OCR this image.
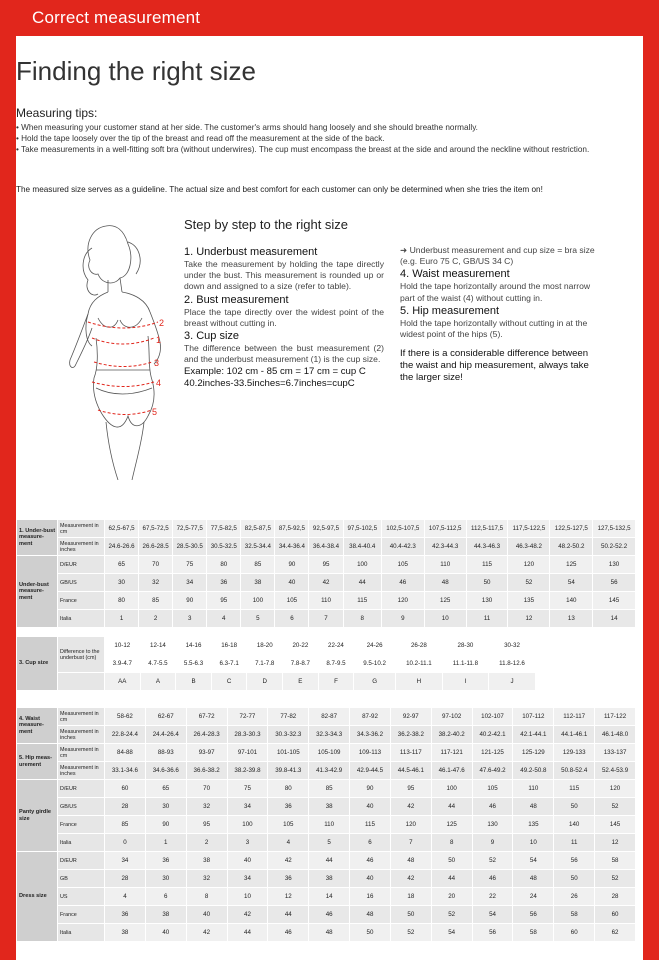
Correct measurement
Finding the right size
Measuring tips:
• When measuring your customer stand at her side. The customer's arms should hang loosely and she should breathe normally.
• Hold the tape loosely over the tip of the breast and read off the measurement at the side of the back.
• Take measurements in a well-fitting soft bra (without underwires). The cup must encompass the breast at the side and around the neckline without restriction.
The measured size serves as a guideline. The actual size and best comfort for each customer can only be determined when she tries the item on!
1
2
3
4
5
Step by step to the right size
1. Underbust measurement
Take the measurement by holding the tape directly under the bust. This measurement is rounded up or down and assigned to a size (refer to table).
2. Bust measurement
Place the tape directly over the widest point of the breast without cutting in.
3. Cup size
The difference between the bust measurement (2) and the underbust measurement (1) is the cup size.
Example: 102 cm - 85 cm = 17 cm = cup C
40.2inches-33.5inches=6.7inches=cupC
➜ Underbust measurement and cup size = bra size (e.g. Euro 75 C, GB/US 34 C)
4. Waist measurement
Hold the tape horizontally around the most narrow part of the waist (4) without cutting in.
5. Hip measurement
Hold the tape horizontally without cutting in at the widest point of the hips (5).
If there is a considerable difference between the waist and hip measurement, always take the larger size!
1. Under-bust measure-ment	Measurement in cm	62,5-67,5	67,5-72,5	72,5-77,5	77,5-82,5	82,5-87,5	87,5-92,5	92,5-97,5	97,5-102,5	102,5-107,5	107,5-112,5	112,5-117,5	117,5-122,5	122,5-127,5	127,5-132,5
	Measurement in inches	24.6-26.6	26.6-28.5	28.5-30.5	30.5-32.5	32.5-34.4	34.4-36.4	36.4-38.4	38.4-40.4	40.4-42.3	42.3-44.3	44.3-46.3	46.3-48.2	48.2-50.2	50.2-52.2
Under-bust measure-ment	D/EUR	65	70	75	80	85	90	95	100	105	110	115	120	125	130
	GB/US	30	32	34	36	38	40	42	44	46	48	50	52	54	56
	France	80	85	90	95	100	105	110	115	120	125	130	135	140	145
	Italia	1	2	3	4	5	6	7	8	9	10	11	12	13	14
3. Cup size	Difference to the underbust (cm)	10-12	12-14	14-16	16-18	18-20	20-22	22-24	24-26	26-28	28-30	30-32
		3.9-4.7	4.7-5.5	5.5-6.3	6.3-7.1	7.1-7.8	7.8-8.7	8.7-9.5	9.5-10.2	10.2-11.1	11.1-11.8	11.8-12.6
		AA	A	B	C	D	E	F	G	H	I	J
4. Waist measure-ment	Measurement in cm	58-62	62-67	67-72	72-77	77-82	82-87	87-92	92-97	97-102	102-107	107-112	112-117	117-122
	Measurement in inches	22.8-24.4	24.4-26.4	26.4-28.3	28.3-30.3	30.3-32.3	32.3-34.3	34.3-36.2	36.2-38.2	38.2-40.2	40.2-42.1	42.1-44.1	44.1-46.1	46.1-48.0
5. Hip meas-urement	Measurement in cm	84-88	88-93	93-97	97-101	101-105	105-109	109-113	113-117	117-121	121-125	125-129	129-133	133-137
	Measurement in inches	33.1-34.6	34.6-36.6	36.6-38.2	38.2-39.8	39.8-41.3	41.3-42.9	42.9-44.5	44.5-46.1	46.1-47.6	47.6-49.2	49.2-50.8	50.8-52.4	52.4-53.9
Panty girdle size	D/EUR	60	65	70	75	80	85	90	95	100	105	110	115	120
	GB/US	28	30	32	34	36	38	40	42	44	46	48	50	52
	France	85	90	95	100	105	110	115	120	125	130	135	140	145
	Italia	0	1	2	3	4	5	6	7	8	9	10	11	12
Dress size	D/EUR	34	36	38	40	42	44	46	48	50	52	54	56	58
	GB	28	30	32	34	36	38	40	42	44	46	48	50	52
	US	4	6	8	10	12	14	16	18	20	22	24	26	28
	France	36	38	40	42	44	46	48	50	52	54	56	58	60
	Italia	38	40	42	44	46	48	50	52	54	56	58	60	62
